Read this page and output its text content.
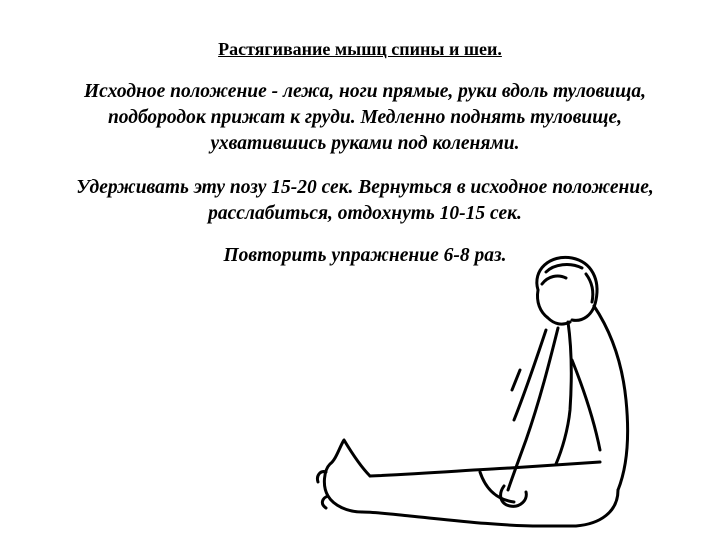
Растягивание мышц спины и шеи.

Исходное положение - лежа, ноги прямые, руки вдоль туловища, подбородок прижат к груди. Медленно поднять туловище, ухватившись руками под коленями.

Удерживать эту позу 15-20 сек. Вернуться в исходное положение, расслабиться, отдохнуть 10-15 сек.

Повторить упражнение 6-8 раз.
